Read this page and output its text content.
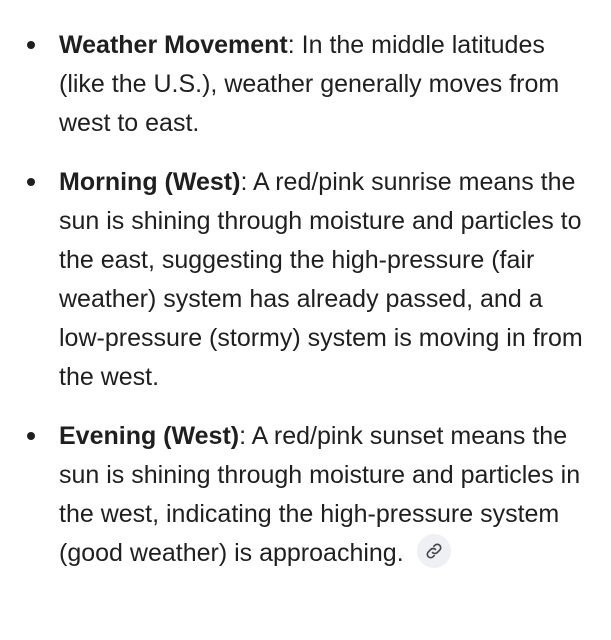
Weather Movement: In the middle latitudes (like the U.S.), weather generally moves from west to east.
Morning (West): A red/pink sunrise means the sun is shining through moisture and particles to the east, suggesting the high-pressure (fair weather) system has already passed, and a low-pressure (stormy) system is moving in from the west.
Evening (West): A red/pink sunset means the sun is shining through moisture and particles in the west, indicating the high-pressure system (good weather) is approaching.
